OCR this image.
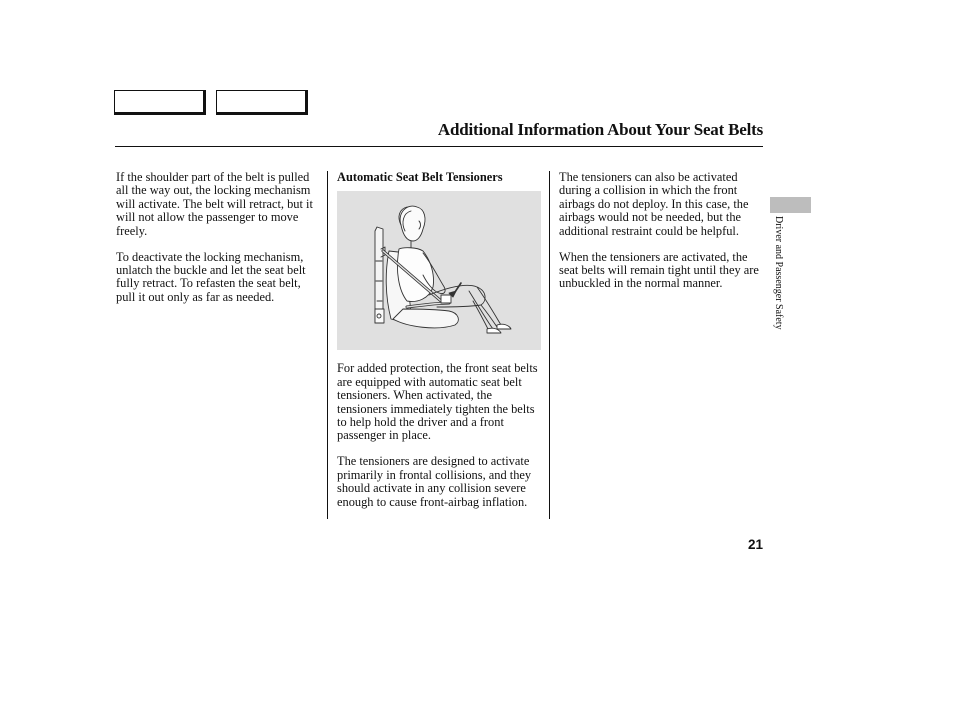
Additional Information About Your Seat Belts

If the shoulder part of the belt is pulled all the way out, the locking mechanism will activate. The belt will retract, but it will not allow the passenger to move freely.

To deactivate the locking mechanism, unlatch the buckle and let the seat belt fully retract. To refasten the seat belt, pull it out only as far as needed.

Automatic Seat Belt Tensioners

For added protection, the front seat belts are equipped with automatic seat belt tensioners. When activated, the tensioners immediately tighten the belts to help hold the driver and a front passenger in place.

The tensioners are designed to activate primarily in frontal collisions, and they should activate in any collision severe enough to cause front-airbag inflation.

The tensioners can also be activated during a collision in which the front airbags do not deploy. In this case, the airbags would not be needed, but the additional restraint could be helpful.

When the tensioners are activated, the seat belts will remain tight until they are unbuckled in the normal manner.	Driver and Passenger Safety
21
